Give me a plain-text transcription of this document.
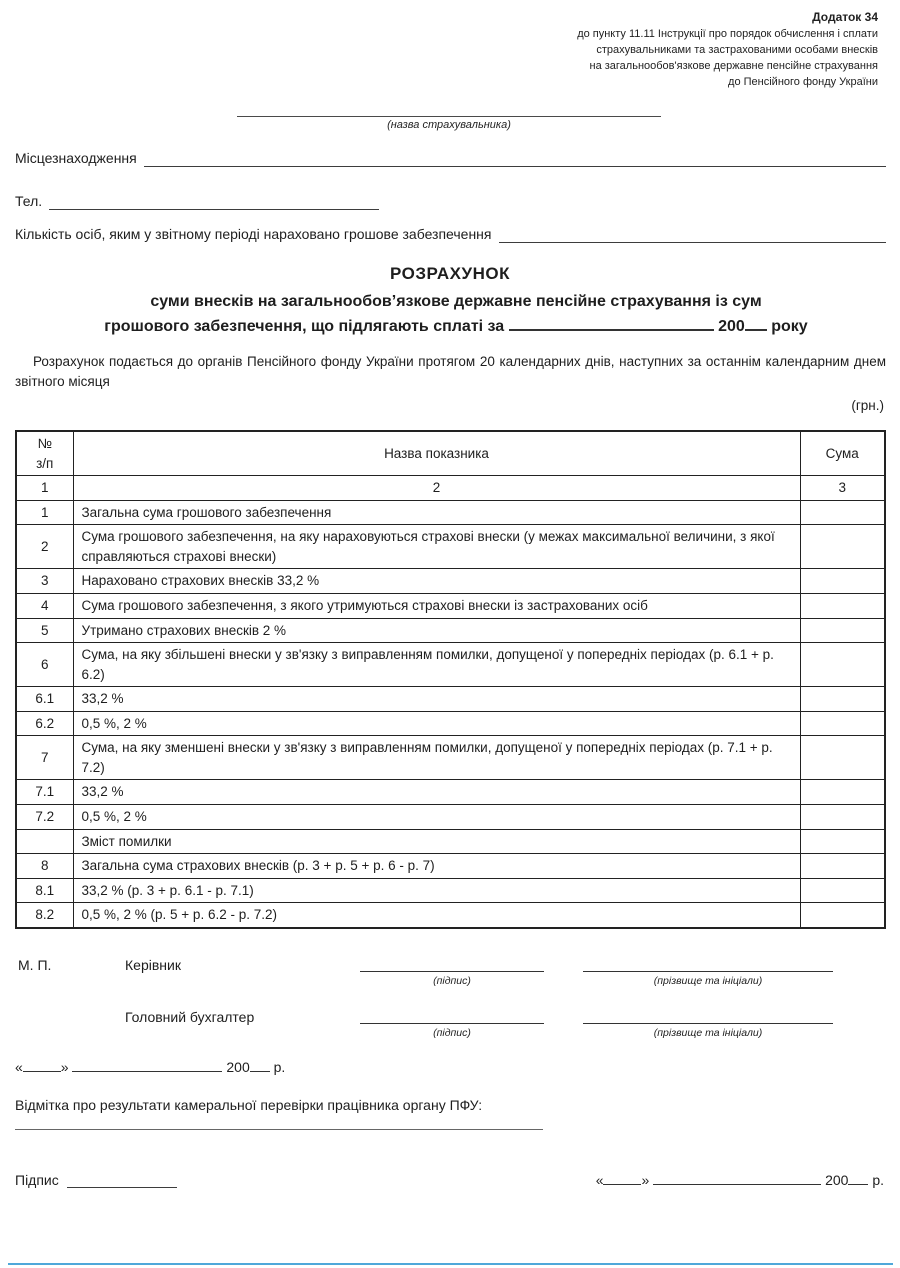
Додаток 34
до пункту 11.11 Інструкції про порядок обчислення і сплати
страхувальниками та застрахованими особами внесків
на загальнообов'язкове державне пенсійне страхування
до Пенсійного фонду України
(назва страхувальника)
Місцезнаходження
Тел.
Кількість осіб, яким у звітному періоді нараховано грошове забезпечення
РОЗРАХУНОК
суми внесків на загальнообов’язкове державне пенсійне страхування із сум
грошового забезпечення, що підлягають сплаті за	200 року
Розрахунок подається до органів Пенсійного фонду України протягом 20 календарних днів, наступних за останнім календарним днем звітного місяця
(грн.)
№
з/п	Назва показника	Сума
1	2	3
1	Загальна сума грошового забезпечення	
2	Сума грошового забезпечення, на яку нараховуються страхові внески (у межах максимальної величини, з якої справляються страхові внески)	
3	Нараховано страхових внесків 33,2 %	
4	Сума грошового забезпечення, з якого утримуються страхові внески із застрахованих осіб	
5	Утримано страхових внесків 2 %	
6	Сума, на яку збільшені внески у зв'язку з виправленням помилки, допущеної у попередніх періодах (р. 6.1 + р. 6.2)	
6.1	33,2 %	
6.2	0,5 %, 2 %	
7	Сума, на яку зменшені внески у зв'язку з виправленням помилки, допущеної у попередніх періодах (р. 7.1 + р. 7.2)	
7.1	33,2 %	
7.2	0,5 %, 2 %	
	Зміст помилки	
8	Загальна сума страхових внесків (р. 3 + р. 5 + р. 6 - р. 7)	
8.1	33,2 % (р. 3 + р. 6.1 - р. 7.1)	
8.2	0,5 %, 2 % (р. 5 + р. 6.2 - р. 7.2)	
М. П.	Керівник
(підпис)	(прізвище та ініціали)
Головний бухгалтер
(підпис)	(прізвище та ініціали)
«	»	200 р.
Відмітка про результати камеральної перевірки працівника органу ПФУ:
Підпис	«	»	200 р.
